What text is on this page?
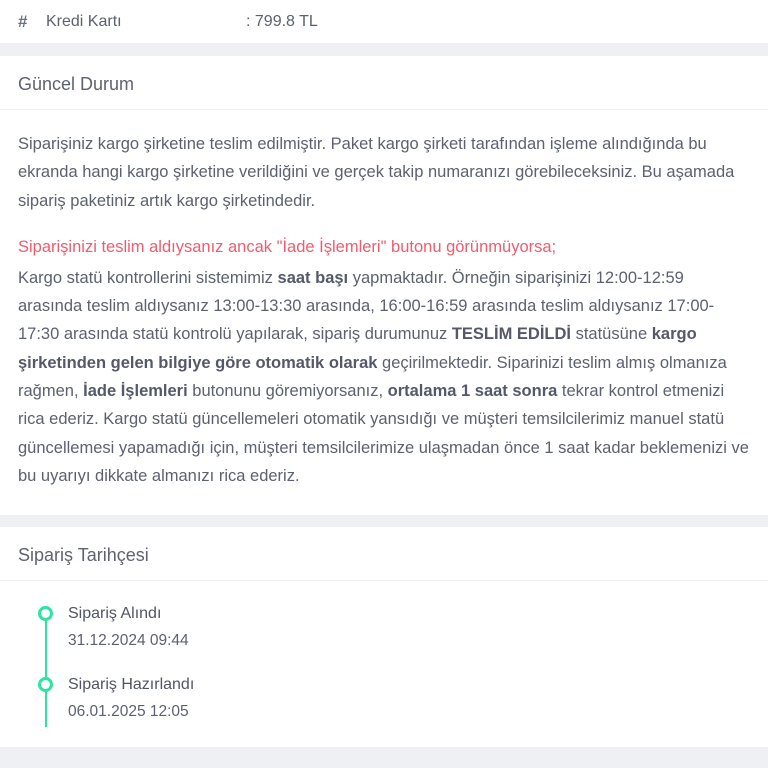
#	Kredi Kartı	: 799.8 TL
Güncel Durum

Siparişiniz kargo şirketine teslim edilmiştir. Paket kargo şirketi tarafından işleme alındığında bu ekranda hangi kargo şirketine verildiğini ve gerçek takip numaranızı görebileceksiniz. Bu aşamada sipariş paketiniz artık kargo şirketindedir.

Siparişinizi teslim aldıysanız ancak "İade İşlemleri" butonu görünmüyorsa;
Kargo statü kontrollerini sistemimiz saat başı yapmaktadır. Örneğin siparişinizi 12:00-12:59 arasında teslim aldıysanız 13:00-13:30 arasında, 16:00-16:59 arasında teslim aldıysanız 17:00-17:30 arasında statü kontrolü yapılarak, sipariş durumunuz TESLİM EDİLDİ statüsüne kargo şirketinden gelen bilgiye göre otomatik olarak geçirilmektedir. Siparinizi teslim almış olmanıza rağmen, İade İşlemleri butonunu göremiyorsanız, ortalama 1 saat sonra tekrar kontrol etmenizi rica ederiz. Kargo statü güncellemeleri otomatik yansıdığı ve müşteri temsilcilerimiz manuel statü güncellemesi yapamadığı için, müşteri temsilcilerimize ulaşmadan önce 1 saat kadar beklemenizi ve bu uyarıyı dikkate almanızı rica ederiz.

Sipariş Tarihçesi
Sipariş Alındı
31.12.2024 09:44
Sipariş Hazırlandı
06.01.2025 12:05
